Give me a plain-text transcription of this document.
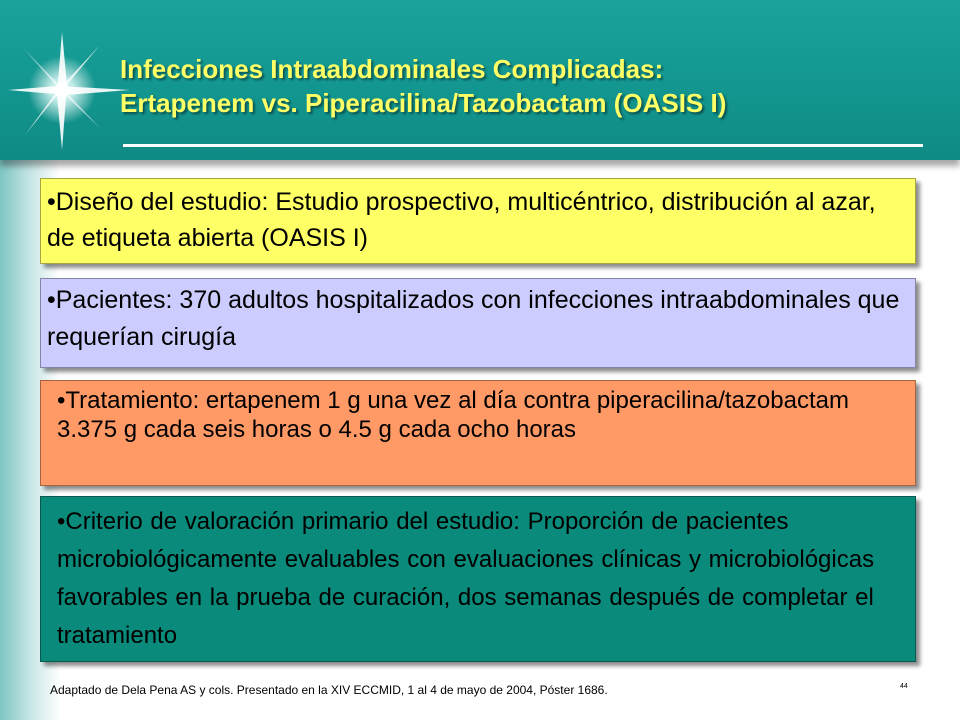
Infecciones Intraabdominales Complicadas:
Ertapenem vs. Piperacilina/Tazobactam (OASIS I)

•Diseño del estudio: Estudio prospectivo, multicéntrico, distribución al azar, de etiqueta abierta (OASIS I)

•Pacientes: 370 adultos hospitalizados con infecciones intraabdominales que requerían cirugía

•Tratamiento: ertapenem 1 g una vez al día contra piperacilina/tazobactam 3.375 g cada seis horas o 4.5 g cada ocho horas

•Criterio de valoración primario del estudio: Proporción de pacientes microbiológicamente evaluables con evaluaciones clínicas y microbiológicas favorables en la prueba de curación, dos semanas después de completar el tratamiento

Adaptado de Dela Pena AS y cols. Presentado en la XIV ECCMID, 1 al 4 de mayo de 2004, Póster 1686.	44
